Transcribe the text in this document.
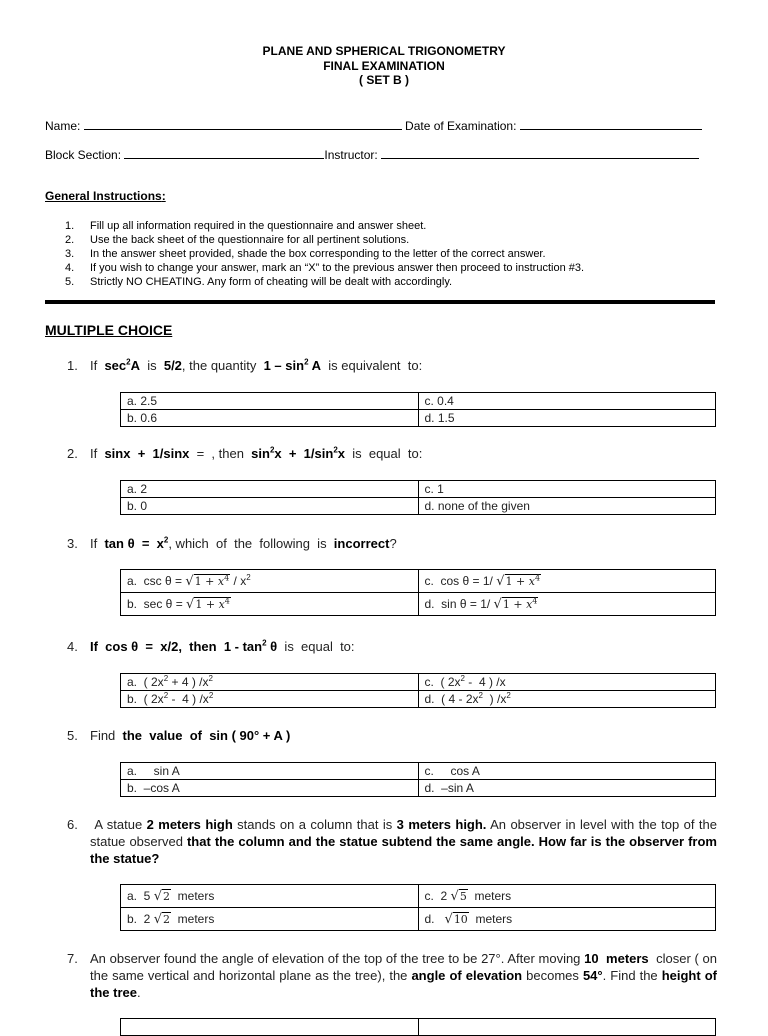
PLANE AND SPHERICAL TRIGONOMETRY
FINAL EXAMINATION
( SET B )
Name:	Date of Examination:
Block Section:	Instructor:
General Instructions:
1. Fill up all information required in the questionnaire and answer sheet.
2. Use the back sheet of the questionnaire for all pertinent solutions.
3. In the answer sheet provided, shade the box corresponding to the letter of the correct answer.
4. If you wish to change your answer, mark an “X” to the previous answer then proceed to instruction #3.
5. Strictly NO CHEATING. Any form of cheating will be dealt with accordingly.
MULTIPLE CHOICE
1. If  $\sec^2A$  is  5/2, the quantity  $1 - \sin^2 A$  is equivalent  to:
a. 2.5	c. 0.4
b. 0.6	d. 1.5
2. If  sinx  +  1/sinx  =  , then  $\sin^2x + 1/\sin^2x$  is  equal  to:
a. 2	c. 1
b. 0	d. none of the given
3. If  $\tan \theta = x^2$, which  of  the  following  is  incorrect?
a.  $\csc \theta = √1 + x^4 / x^2$	c.  cos θ = 1/ $√1 + x^4$
b.  $\sec \theta = √1 + x^4$	d.  sin θ = 1/ $√1 + x^4$
4. If  cos θ  =  x/2,  then  $1 - \tan^2 \theta$  is  equal  to:
a.  ( $2x^2 + 4$ ) $/x^2$	c.  ( $2x^2 - 4$ ) /x
b.  ( $2x^2 - 4$ ) $/x^2$	d.  ( $4 - 2x^2$  ) $/x^2$
5. Find  the  value  of  sin ( 90° + A )
a.     sin A	c.     cos A
b.  –cos A	d.  –sin A
6. A statue 2 meters high stands on a column that is 3 meters high. An observer in level with the top of the statue observed that the column and the statue subtend the same angle. How far is the observer from the statue?
a.  5 √2  meters	c.  2 √5  meters
b.  2 √2  meters	d.   √10  meters
7. An observer found the angle of elevation of the top of the tree to be 27°. After moving 10  meters  closer ( on the same vertical and horizontal plane as the tree), the angle of elevation becomes 54°. Find the height of the tree.
